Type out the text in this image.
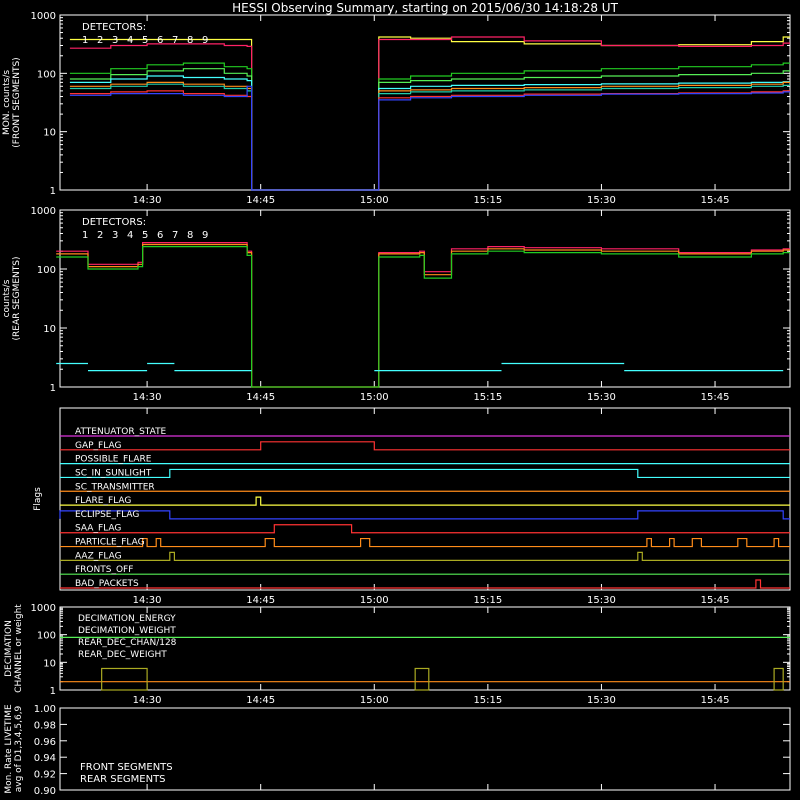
HESSI Observing Summary, starting on 2015/06/30 14:18:28 UT
14:30	14:45	15:00	15:15	15:30	15:45
1
10
100
1000
MON. counts/s (FRONT SEGMENTS)
DETECTORS:
1 2 3 4 5 6 7 8 9
14:30	14:45	15:00	15:15	15:30	15:45
1
10
100
1000
counts/s (REAR SEGMENTS)
DETECTORS:
1 2 3 4 5 6 7 8 9
14:30	14:45	15:00	15:15	15:30	15:45
Flags
ATTENUATOR_STATE
GAP_FLAG
POSSIBLE_FLARE
SC_IN_SUNLIGHT
SC_TRANSMITTER
FLARE_FLAG
ECLIPSE_FLAG
SAA_FLAG
PARTICLE_FLAG
AAZ_FLAG
FRONTS_OFF
BAD_PACKETS
14:30	14:45	15:00	15:15	15:30	15:45
1
10
100
1000
DECIMATION CHANNEL or weight	DECIMATION_ENERGY
DECIMATION_WEIGHT
REAR_DEC_CHAN/128
REAR_DEC_WEIGHT
Mon. Rate LIVETIME avg of D1,3,4,5,6,9 0.90
0.92
0.94
0.96
0.98
1.00
FRONT SEGMENTS
REAR SEGMENTS
